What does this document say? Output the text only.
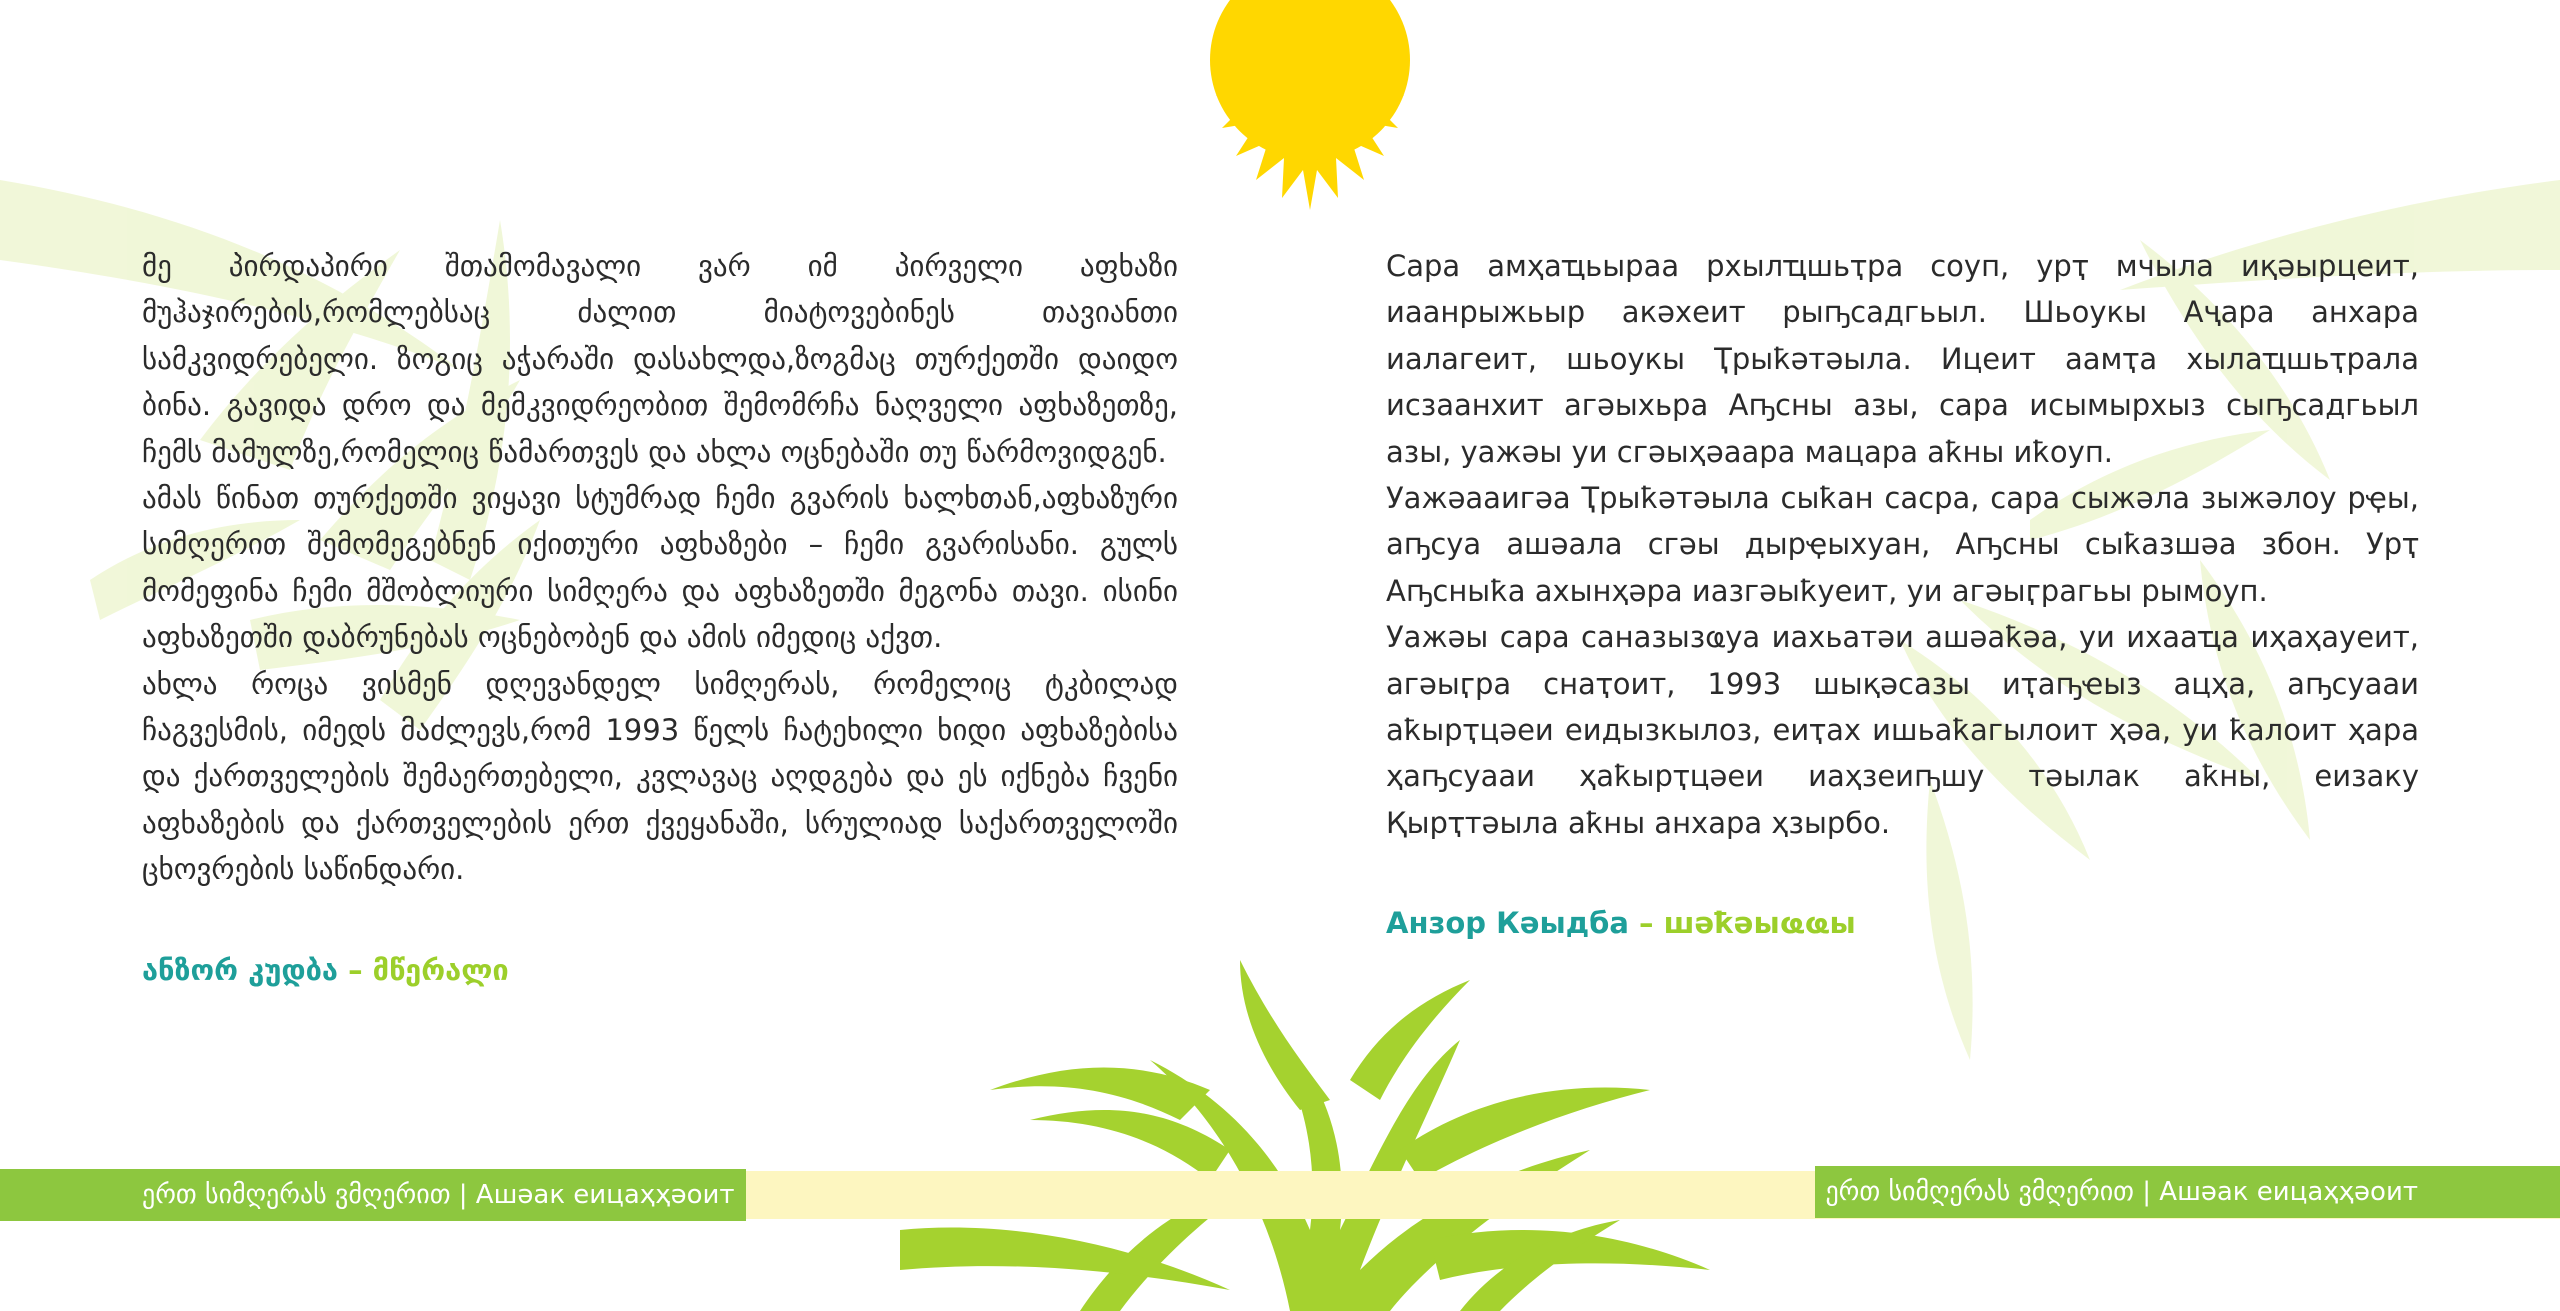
მე პირდაპირი შთამომავალი ვარ იმ პირველი აფხაზი მუჰაჯირების,რომლებსაც ძალით მიატოვებინეს თავიანთი სამკვიდრებელი. ზოგიც აჭარაში დასახლდა,ზოგმაც თურქეთში დაიდო ბინა. გავიდა დრო და მემკვიდრეობით შემომრჩა ნაღველი აფხაზეთზე, ჩემს მამულზე,რომელიც წამართვეს და ახლა ოცნებაში თუ წარმოვიდგენ.

ამას წინათ თურქეთში ვიყავი სტუმრად ჩემი გვარის ხალხთან,აფხაზური სიმღერით შემომეგებნენ იქითური აფხაზები – ჩემი გვარისანი. გულს მომეფინა ჩემი მშობლიური სიმღერა და აფხაზეთში მეგონა თავი. ისინი აფხაზეთში დაბრუნებას ოცნებობენ და ამის იმედიც აქვთ.

ახლა როცა ვისმენ დღევანდელ სიმღერას, რომელიც ტკბილად ჩაგვესმის, იმედს მაძლევს,რომ 1993 წელს ჩატეხილი ხიდი აფხაზებისა და ქართველების შემაერთებელი, კვლავაც აღდგება და ეს იქნება ჩვენი აფხაზების და ქართველების ერთ ქვეყანაში, სრულიად საქართველოში ცხოვრების საწინდარი.

ანზორ კუდბა – მწერალი

Сара амҳаҵьыраа рхылҵшьҭра соуп, урҭ мчыла иқәырцеит, иаанрыжьыр акәхеит рыҧсадгьыл. Шьоукы Аҷара анхара иалагеит, шьоукы Ҭрыҟәтәыла. Ицеит аамҭа хылаҵшьҭрала исзаанхит агәыхьра Аҧсны азы, сара исымырхыз сыҧсадгьыл азы, уажәы уи сгәыҳәаара мацара аҟны иҟоуп.

Уажәааигәа Ҭрыҟәтәыла сыҟан сасра, сара сыжәла зыжәлоу рҿы, аҧсуа ашәала сгәы дырҿыхуан, Аҧсны сыҟазшәа збон. Урҭ Аҧсныҟа ахынҳәра иазгәыҟуеит, уи агәыӷрагьы рымоуп.

Уажәы сара саназызҩуа иахьатәи ашәаҟәа, уи ихааҵа иҳаҳауеит, агәыӷра снаҭоит, 1993 шықәсазы иҭаҧҽыз ацҳа, аҧсуааи аҟырҭцәеи еидызкылоз, еиҭах ишьаҟагылоит ҳәа, уи ҟалоит ҳара ҳаҧсуааи ҳаҟырҭцәеи иаҳзеиҧшу тәылак аҟны, еизаку Қырҭтәыла аҟны анхара ҳзырбо.

Анзор Кәыдба – шәҟәыҩҩы

ერთ სიმღერას ვმღერით | Ашәак еицаҳҳәоит	ერთ სიმღერას ვმღერით | Ашәак еицаҳҳәоит
